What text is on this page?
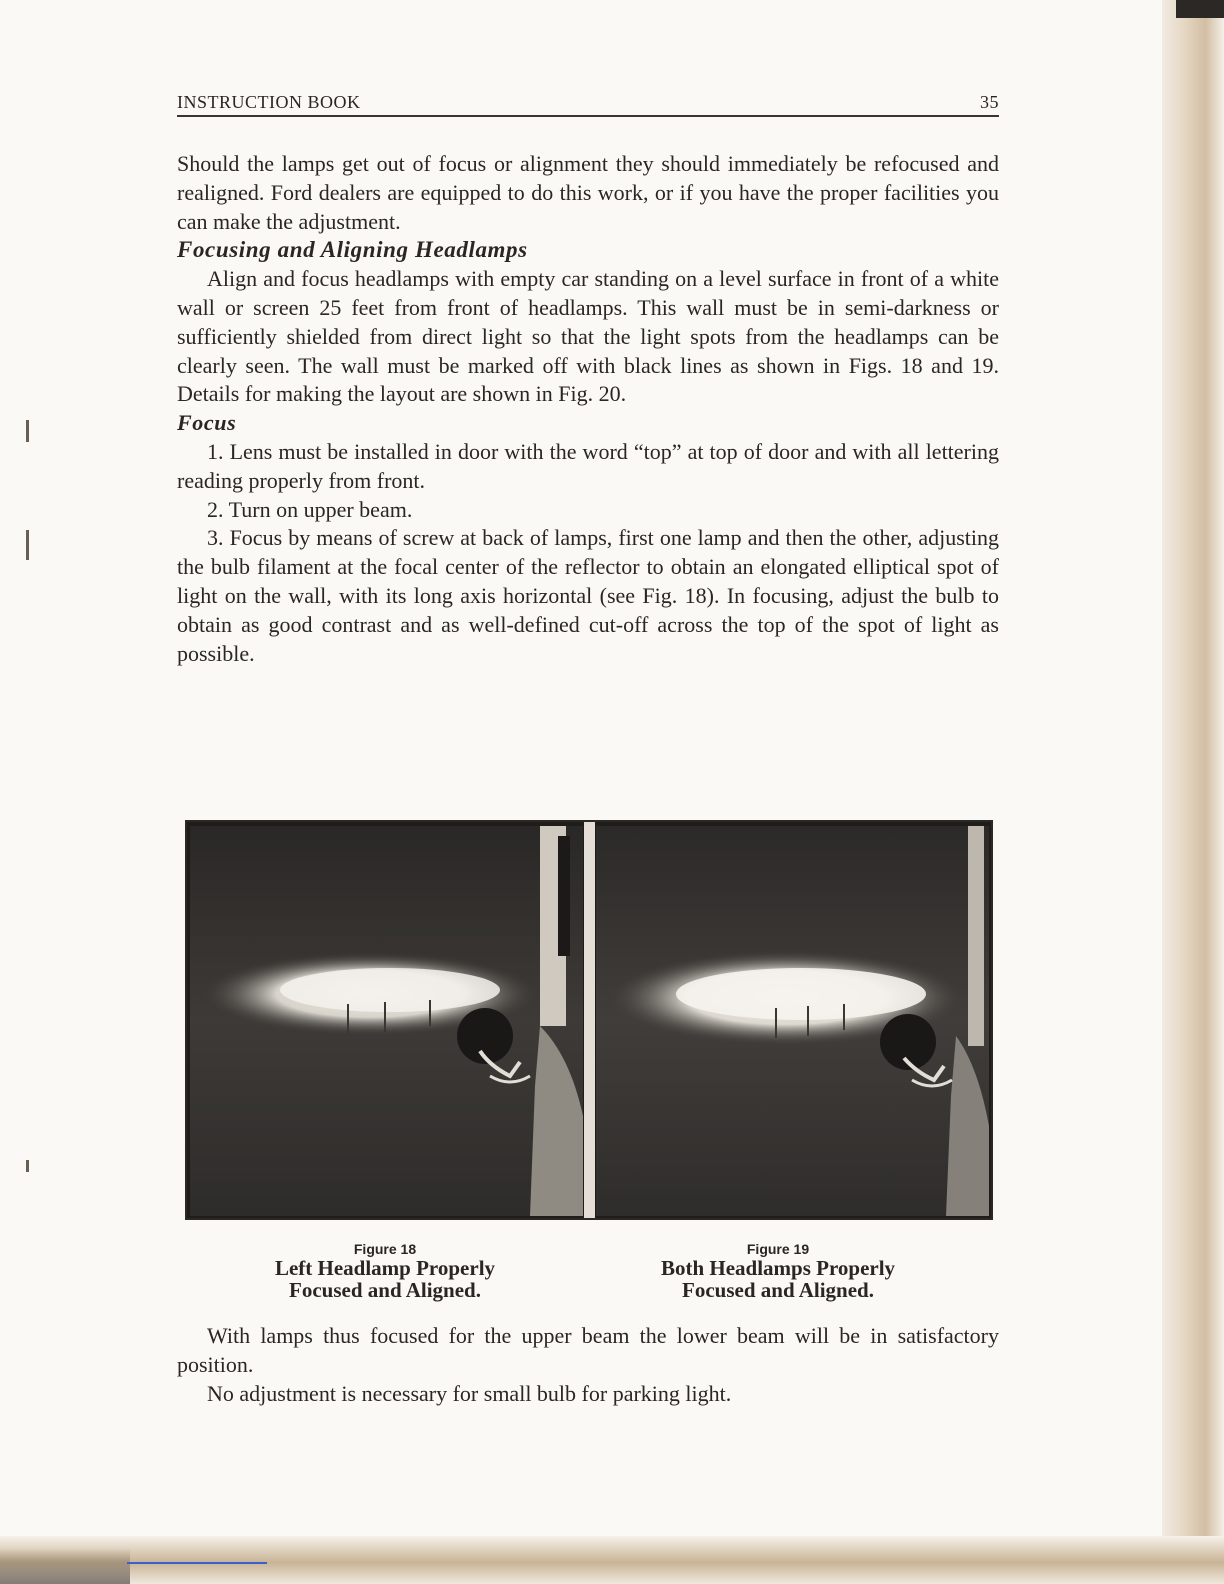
INSTRUCTION BOOK	35

Should the lamps get out of focus or alignment they should immediately be refocused and realigned. Ford dealers are equipped to do this work, or if you have the proper facilities you can make the adjustment.

Focusing and Aligning Headlamps

Align and focus headlamps with empty car standing on a level surface in front of a white wall or screen 25 feet from front of headlamps. This wall must be in semi-darkness or sufficiently shielded from direct light so that the light spots from the headlamps can be clearly seen. The wall must be marked off with black lines as shown in Figs. 18 and 19. Details for making the layout are shown in Fig. 20.

Focus

1. Lens must be installed in door with the word “top” at top of door and with all lettering reading properly from front.

2. Turn on upper beam.

3. Focus by means of screw at back of lamps, first one lamp and then the other, adjusting the bulb filament at the focal center of the reflector to obtain an elongated elliptical spot of light on the wall, with its long axis horizontal (see Fig. 18). In focusing, adjust the bulb to obtain as good contrast and as well-defined cut-off across the top of the spot of light as possible.

Figure 18
Left Headlamp Properly
Focused and Aligned.
Figure 19
Both Headlamps Properly
Focused and Aligned.

With lamps thus focused for the upper beam the lower beam will be in satisfactory position.

No adjustment is necessary for small bulb for parking light.
